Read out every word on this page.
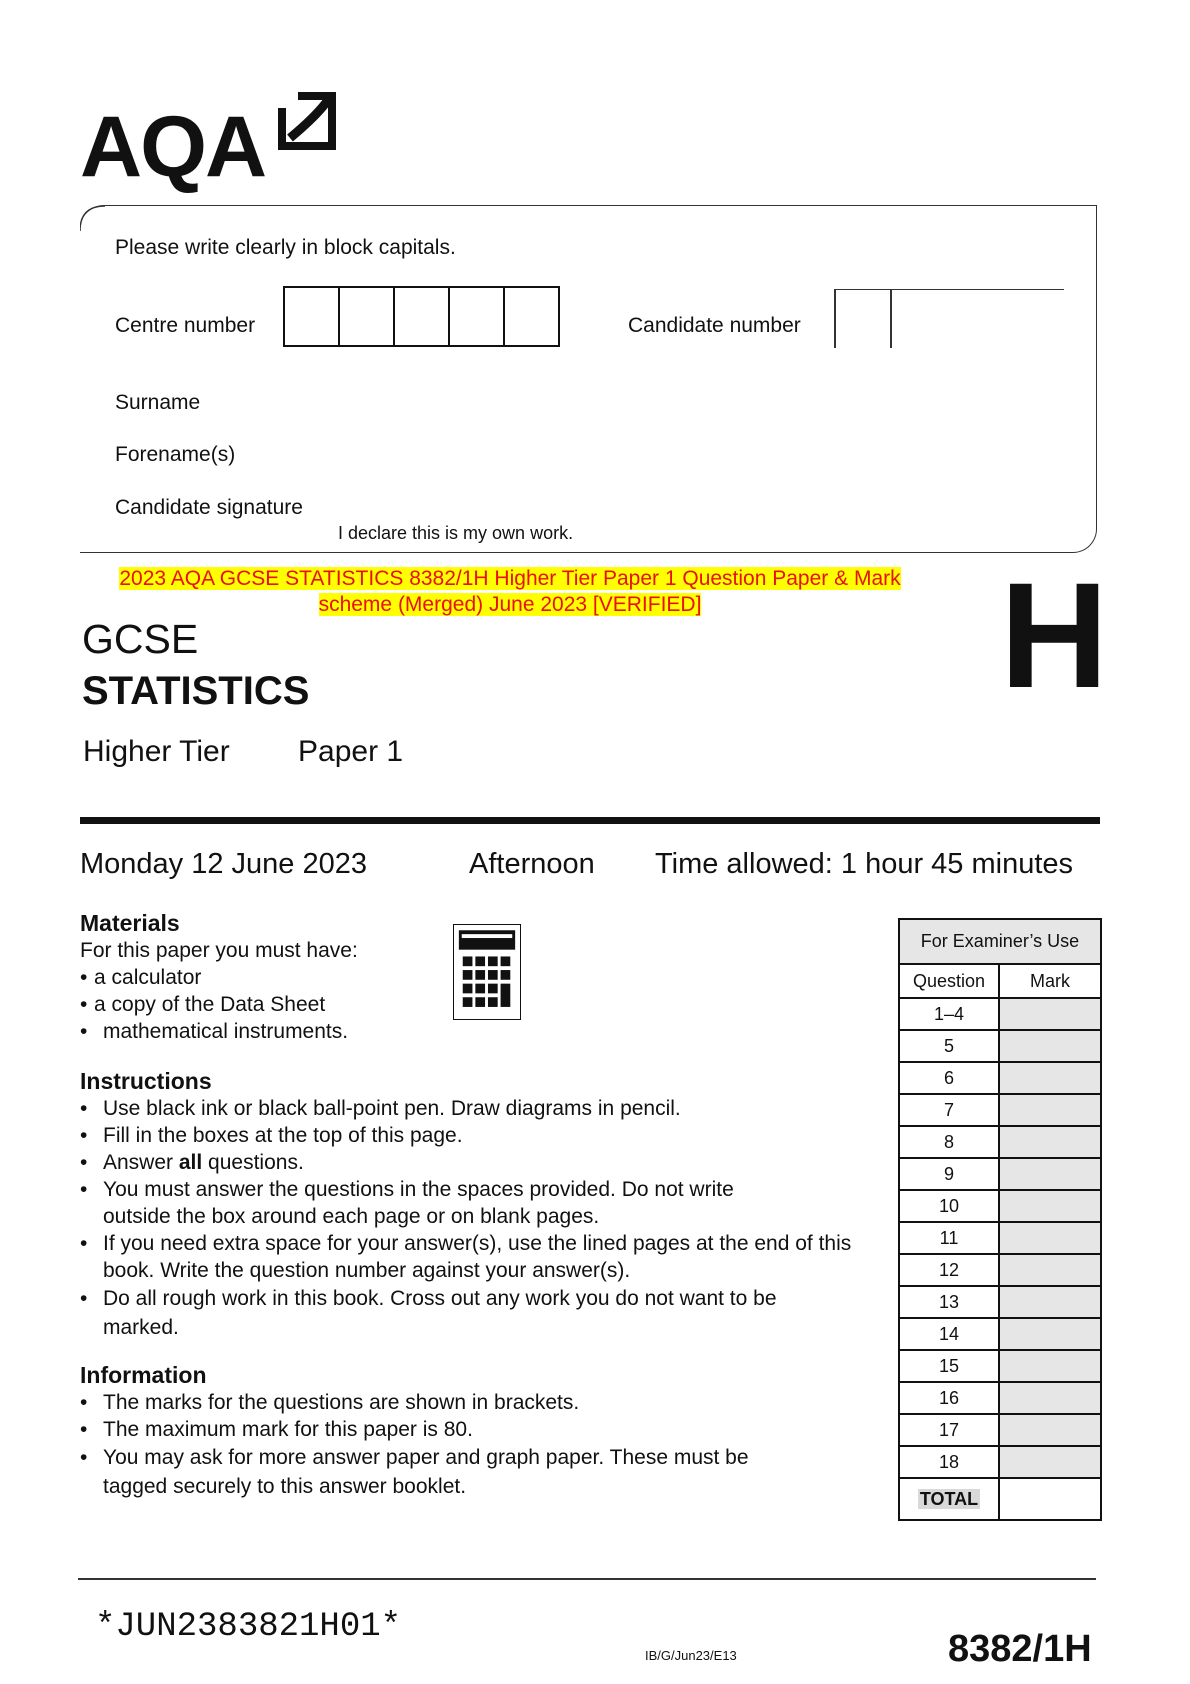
AQA
Please write clearly in block capitals.
Centre number	Candidate number
Surname
Forename(s)
Candidate signature
I declare this is my own work.
2023 AQA GCSE STATISTICS 8382/1H Higher Tier Paper 1 Question Paper & Mark
scheme (Merged) June 2023 [VERIFIED]
GCSE
STATISTICS
Higher Tier Paper 1
H
Monday 12 June 2023	Afternoon Time allowed: 1 hour 45 minutes
Materials
For this paper you must have:
• a calculator
• a copy of the Data Sheet
• mathematical instruments.
Instructions
• Use black ink or black ball-point pen. Draw diagrams in pencil.
• Fill in the boxes at the top of this page.
• Answer all questions.
• You must answer the questions in the spaces provided. Do not write outside the box around each page or on blank pages.
• If you need extra space for your answer(s), use the lined pages at the end of this book. Write the question number against your answer(s).
• Do all rough work in this book. Cross out any work you do not want to be marked.
Information
• The marks for the questions are shown in brackets.
• The maximum mark for this paper is 80.
• You may ask for more answer paper and graph paper. These must be tagged securely to this answer booklet.
For Examiner’s Use	
Question	Mark
1–4	
5	
6	
7	
8	
9	
10	
11	
12	
13	
14	
15	
16	
17	
18	
TOTAL	
*JUN2383821H01*
IB/G/Jun23/E13	8382/1H
